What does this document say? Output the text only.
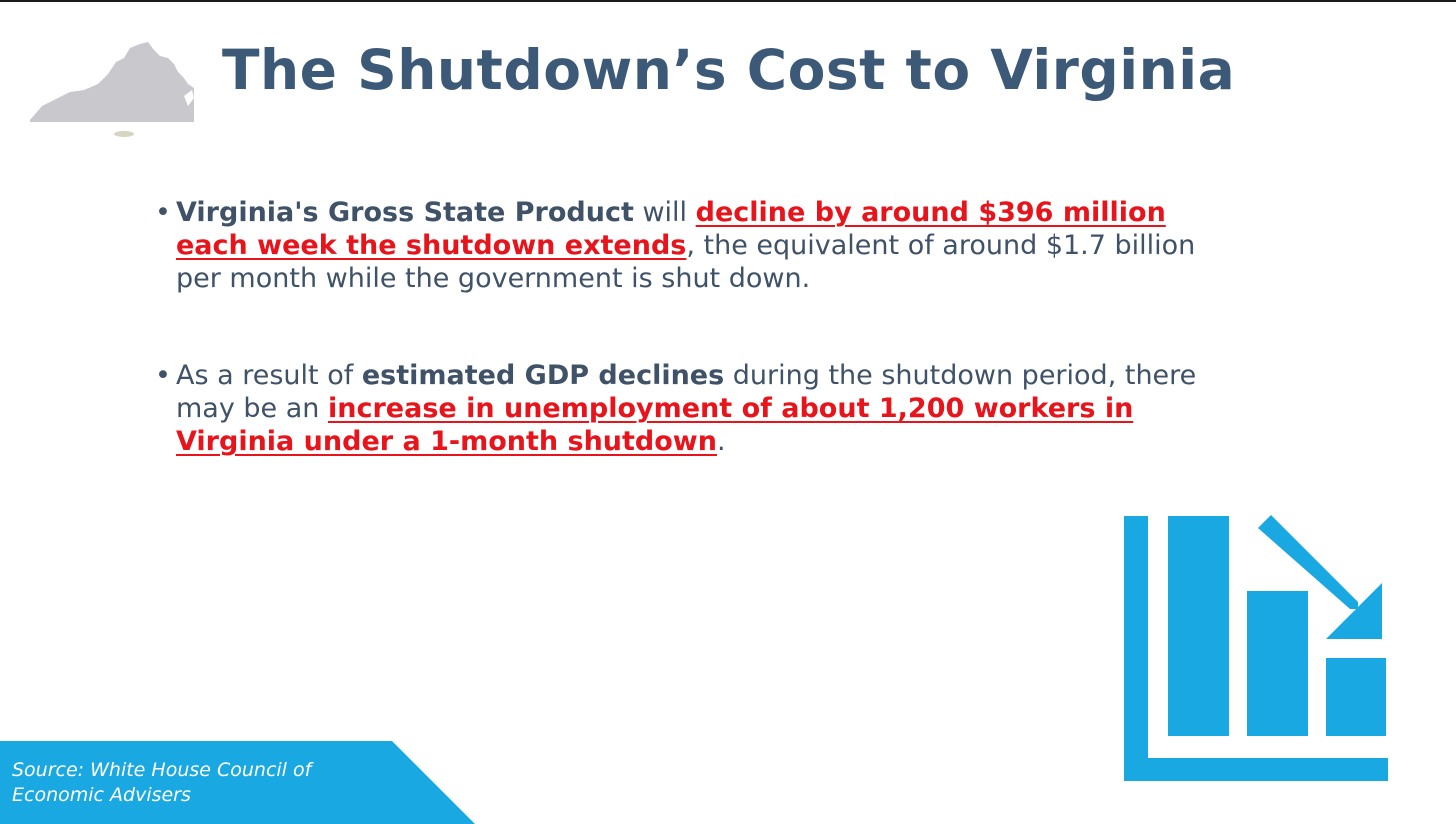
The Shutdown’s Cost to Virginia
• Virginia's Gross State Product will decline by around $396 million each week the shutdown extends, the equivalent of around $1.7 billion per month while the government is shut down.
• As a result of estimated GDP declines during the shutdown period, there may be an increase in unemployment of about 1,200 workers in Virginia under a 1-month shutdown.

Source: White House Council of Economic Advisers
